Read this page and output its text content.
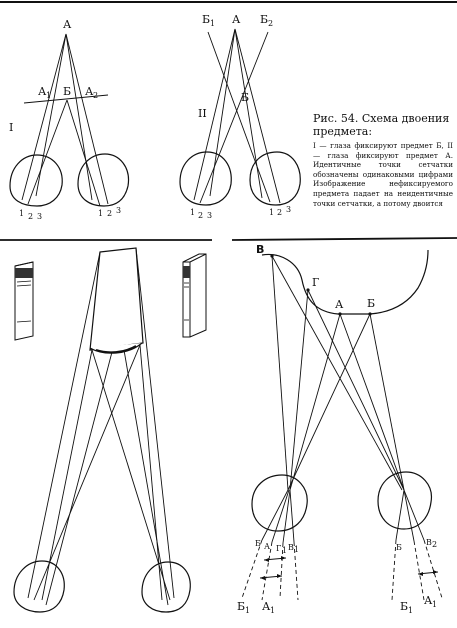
А
I
А 1 Б А 2
1 2 3	1 2 3
II
Б 1 А Б 2
Б
1 2 3	1 2 3
В
Г
А Б
Б А Г 1 В 1
Б 1 А 1
Б
В 2
Б 1
А 1

Рис. 54. Схема двоения предмета:

I — глаза фиксируют предмет Б, II — глаза фиксируют предмет А. Идентичные точки сетчатки обозначены одинаковыми цифрами Изображение нефиксируемого предмета падает на неидентичные точки сетчатки, а потому двоится
